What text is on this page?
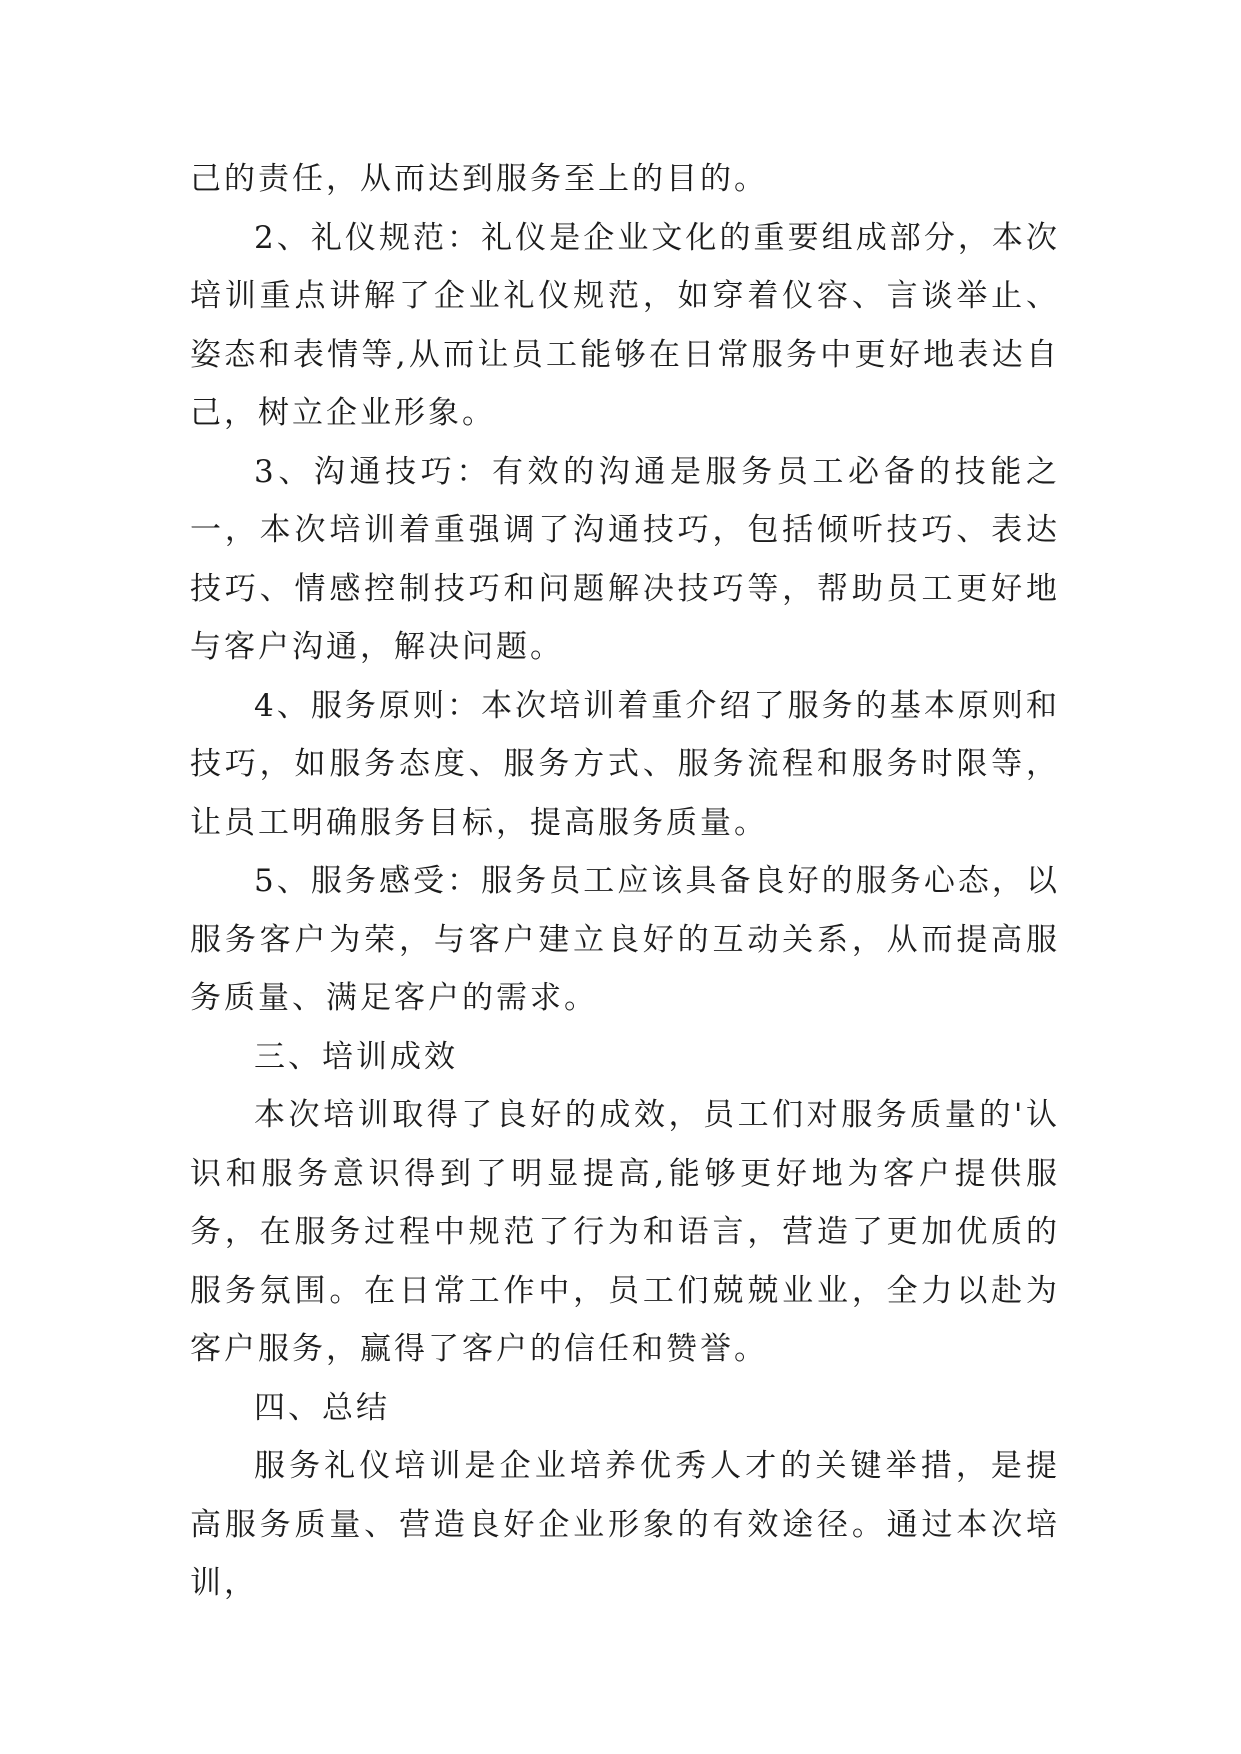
己的责任，从而达到服务至上的目的。

2、礼仪规范：礼仪是企业文化的重要组成部分，本次培训重点讲解了企业礼仪规范，如穿着仪容、言谈举止、姿态和表情等,从而让员工能够在日常服务中更好地表达自己，树立企业形象。

3、沟通技巧：有效的沟通是服务员工必备的技能之一，本次培训着重强调了沟通技巧，包括倾听技巧、表达技巧、情感控制技巧和问题解决技巧等，帮助员工更好地与客户沟通，解决问题。

4、服务原则：本次培训着重介绍了服务的基本原则和技巧，如服务态度、服务方式、服务流程和服务时限等，让员工明确服务目标，提高服务质量。

5、服务感受：服务员工应该具备良好的服务心态，以服务客户为荣，与客户建立良好的互动关系，从而提高服务质量、满足客户的需求。

三、培训成效

本次培训取得了良好的成效，员工们对服务质量的'认识和服务意识得到了明显提高,能够更好地为客户提供服务，在服务过程中规范了行为和语言，营造了更加优质的服务氛围。在日常工作中，员工们兢兢业业，全力以赴为客户服务，赢得了客户的信任和赞誉。

四、总结

服务礼仪培训是企业培养优秀人才的关键举措，是提高服务质量、营造良好企业形象的有效途径。通过本次培训，
